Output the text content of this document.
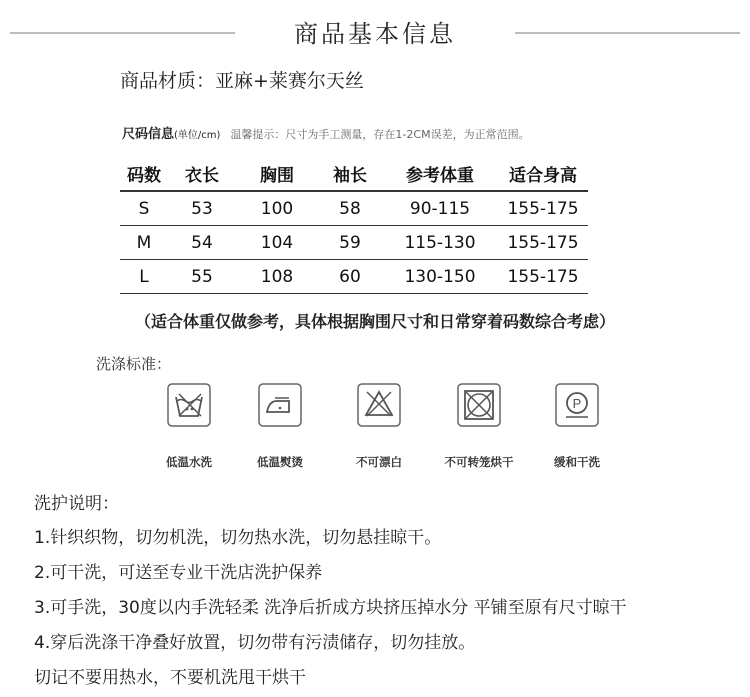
商品基本信息
商品材质：亚麻+莱赛尔天丝
尺码信息(单位/cm) 温馨提示：尺寸为手工测量，存在1-2CM误差，为正常范围。
码数	衣长	胸围	袖长	参考体重	适合身高
S	53	100	58	90-115	155-175
M	54	104	59	115-130	155-175
L	55	108	60	130-150	155-175
（适合体重仅做参考，具体根据胸围尺寸和日常穿着码数综合考虑）
洗涤标准：
P
低温水洗	低温熨烫	不可漂白	不可转笼烘干	缓和干洗
洗护说明：
1.针织织物，切勿机洗，切勿热水洗，切勿悬挂晾干。
2.可干洗，可送至专业干洗店洗护保养
3.可手洗，30度以内手洗轻柔 洗净后折成方块挤压掉水分 平铺至原有尺寸晾干
4.穿后洗涤干净叠好放置，切勿带有污渍储存，切勿挂放。
切记不要用热水，不要机洗甩干烘干
